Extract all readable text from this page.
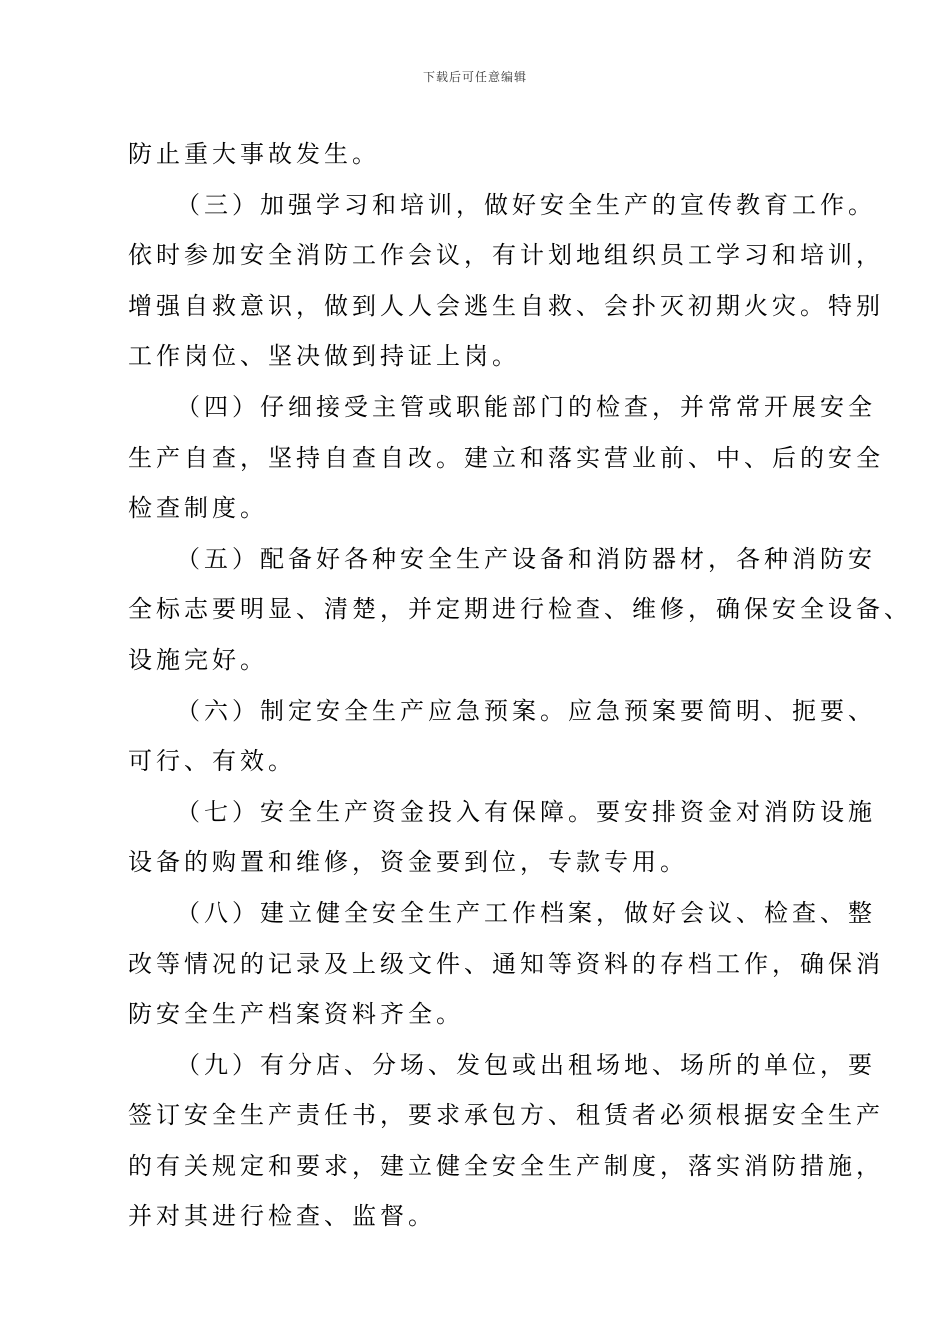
下载后可任意编辑
防止重大事故发生。
（三）加强学习和培训，做好安全生产的宣传教育工作。
依时参加安全消防工作会议，有计划地组织员工学习和培训，
增强自救意识，做到人人会逃生自救、会扑灭初期火灾。特别
工作岗位、坚决做到持证上岗。
（四）仔细接受主管或职能部门的检查，并常常开展安全
生产自查，坚持自查自改。建立和落实营业前、中、后的安全
检查制度。
（五）配备好各种安全生产设备和消防器材，各种消防安
全标志要明显、清楚，并定期进行检查、维修，确保安全设备、
设施完好。
（六）制定安全生产应急预案。应急预案要简明、扼要、
可行、有效。
（七）安全生产资金投入有保障。要安排资金对消防设施
设备的购置和维修，资金要到位，专款专用。
（八）建立健全安全生产工作档案，做好会议、检查、整
改等情况的记录及上级文件、通知等资料的存档工作，确保消
防安全生产档案资料齐全。
（九）有分店、分场、发包或出租场地、场所的单位，要
签订安全生产责任书，要求承包方、租赁者必须根据安全生产
的有关规定和要求，建立健全安全生产制度，落实消防措施，
并对其进行检查、监督。
